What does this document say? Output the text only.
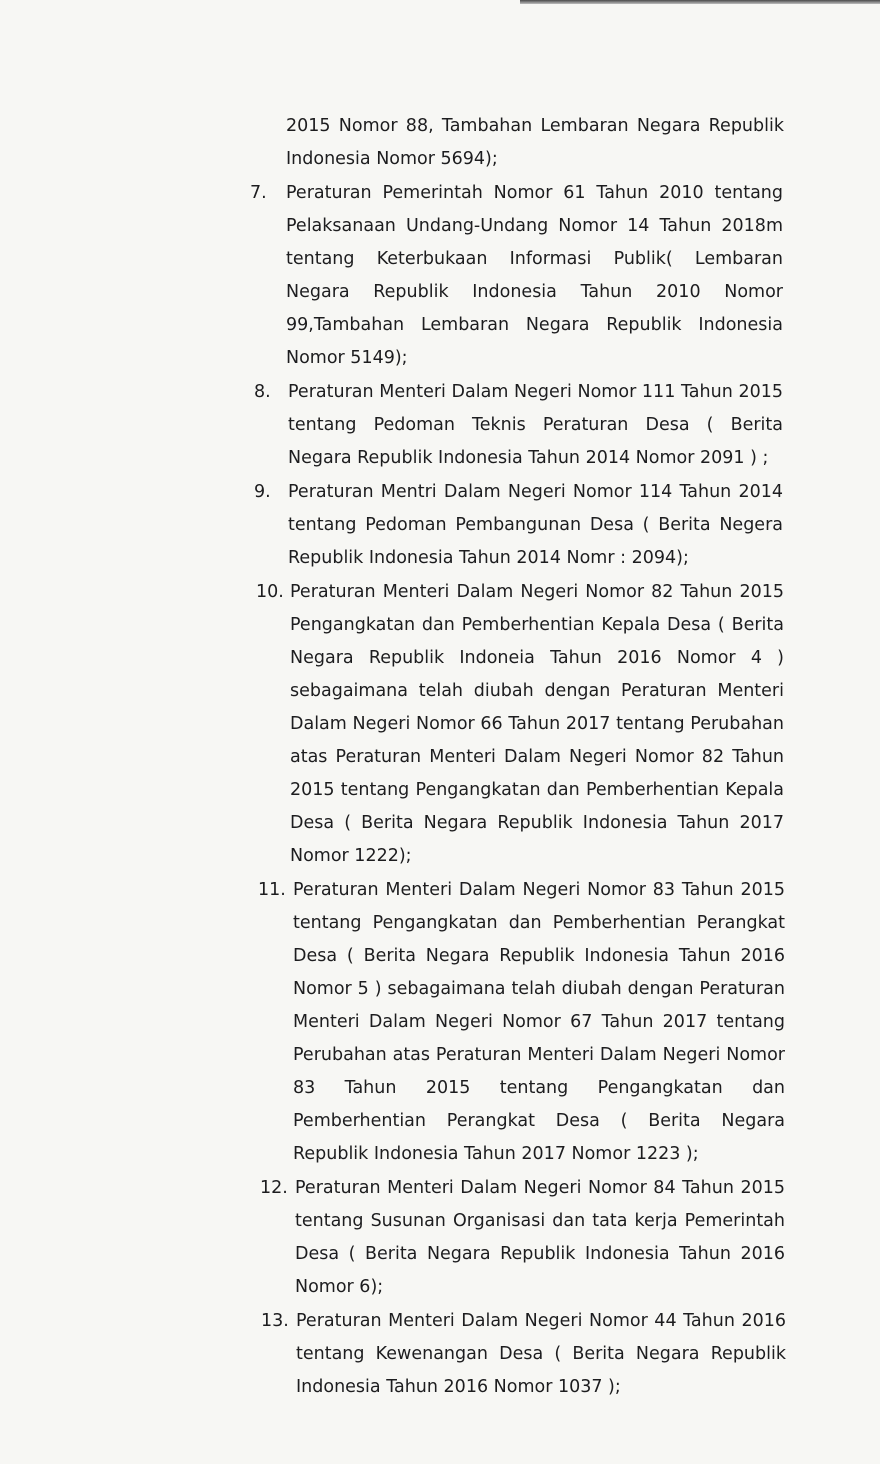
2015 Nomor 88, Tambahan Lembaran Negara Republik Indonesia Nomor 5694);
7.	Peraturan Pemerintah Nomor 61 Tahun 2010 tentang Pelaksanaan Undang-Undang Nomor 14 Tahun 2018m tentang Keterbukaan Informasi Publik( Lembaran Negara Republik Indonesia Tahun 2010 Nomor 99,Tambahan Lembaran Negara Republik Indonesia Nomor 5149);
8. Peraturan Menteri Dalam Negeri Nomor 111 Tahun 2015 tentang Pedoman Teknis Peraturan Desa ( Berita Negara Republik Indonesia Tahun 2014 Nomor 2091 ) ;
9. Peraturan Mentri Dalam Negeri Nomor 114 Tahun 2014 tentang Pedoman Pembangunan Desa ( Berita Negera Republik Indonesia Tahun 2014 Nomr : 2094);
10. Peraturan Menteri Dalam Negeri Nomor 82 Tahun 2015 Pengangkatan dan Pemberhentian Kepala Desa ( Berita Negara Republik Indoneia Tahun 2016 Nomor 4 ) sebagaimana telah diubah dengan Peraturan Menteri Dalam Negeri Nomor 66 Tahun 2017 tentang Perubahan atas Peraturan Menteri Dalam Negeri Nomor 82 Tahun 2015 tentang Pengangkatan dan Pemberhentian Kepala Desa ( Berita Negara Republik Indonesia Tahun 2017 Nomor 1222);
11. Peraturan Menteri Dalam Negeri Nomor 83 Tahun 2015 tentang Pengangkatan dan Pemberhentian Perangkat Desa ( Berita Negara Republik Indonesia Tahun 2016 Nomor 5 ) sebagaimana telah diubah dengan Peraturan Menteri Dalam Negeri Nomor 67 Tahun 2017 tentang Perubahan atas Peraturan Menteri Dalam Negeri Nomor 83 Tahun 2015 tentang Pengangkatan dan Pemberhentian Perangkat Desa ( Berita Negara Republik Indonesia Tahun 2017 Nomor 1223 );
12. Peraturan Menteri Dalam Negeri Nomor 84 Tahun 2015 tentang Susunan Organisasi dan tata kerja Pemerintah Desa ( Berita Negara Republik Indonesia Tahun 2016 Nomor 6);
13. Peraturan Menteri Dalam Negeri Nomor 44 Tahun 2016 tentang Kewenangan Desa ( Berita Negara Republik Indonesia Tahun 2016 Nomor 1037 );
